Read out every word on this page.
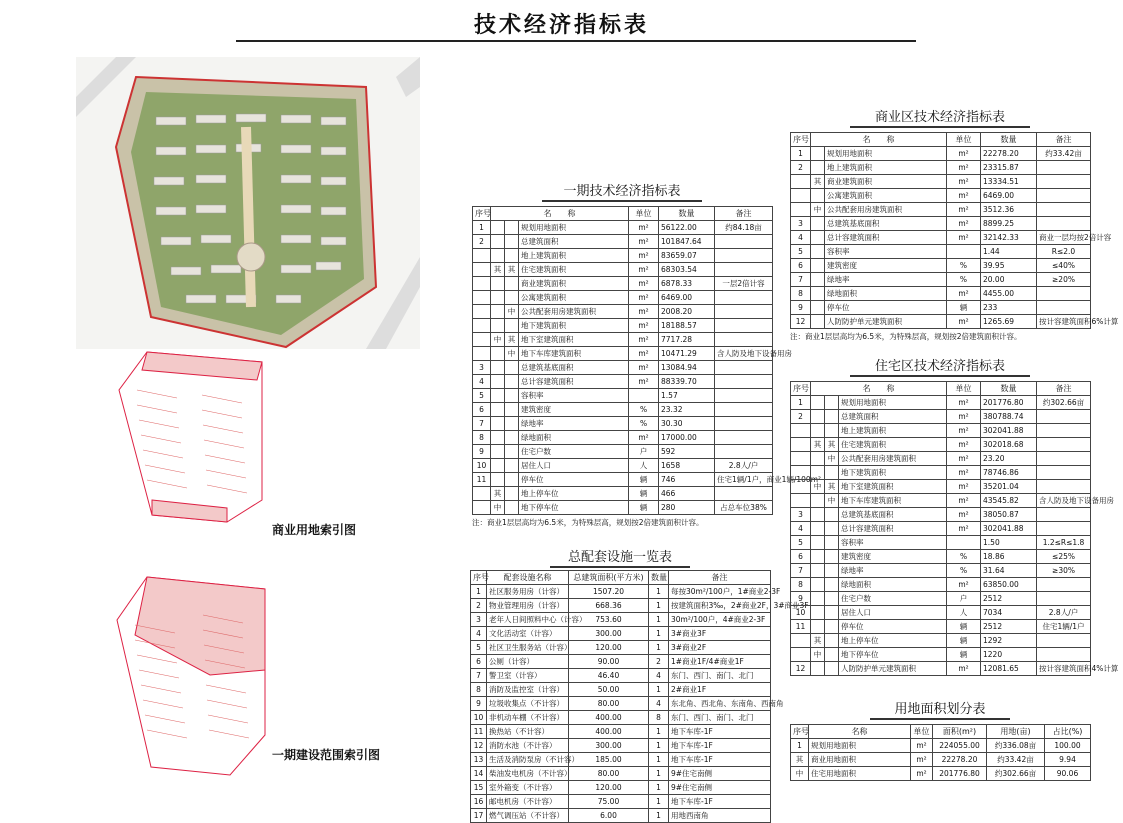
技术经济指标表
商业用地索引图
一期建设范围索引图
一期技术经济指标表
序号	名　　 称			单位	数量	备注
1			规划用地面积	m²	56122.00	约84.18亩
2			总建筑面积	m²	101847.64	
			地上建筑面积	m²	83659.07	
	其	其	住宅建筑面积	m²	68303.54	
			商业建筑面积	m²	6878.33	一层2倍计容
			公寓建筑面积	m²	6469.00	
		中	公共配套用房建筑面积	m²	2008.20	
			地下建筑面积	m²	18188.57	
	中	其	地下室建筑面积	m²	7717.28	
		中	地下车库建筑面积	m²	10471.29	含人防及地下设备用房
3			总建筑基底面积	m²	13084.94	
4			总计容建筑面积	m²	88339.70	
5			容积率		1.57	
6			建筑密度	%	23.32	
7			绿地率	%	30.30	
8			绿地面积	m²	17000.00	
9			住宅户数	户	592	
10			居住人口	人	1658	2.8人/户
11			停车位	辆	746	住宅1辆/1户，商业1辆/100m²
	其		地上停车位	辆	466	
	中		地下停车位	辆	280	占总车位38%
注：商业1层层高均为6.5米，为特殊层高，规划按2倍建筑面积计容。
总配套设施一览表
序号	配套设施名称	总建筑面积(平方米)	数量	备注
1	社区服务用房（计容）	1507.20	1	每按30m²/100户，1#商业2-3F
2	物业管理用房（计容）	668.36	1	按建筑面积3‰，2#商业2F，3#商业3F
3	老年人日间照料中心（计容）	753.60	1	30m²/100户，4#商业2-3F
4	文化活动室（计容）	300.00	1	3#商业3F
5	社区卫生服务站（计容）	120.00	1	3#商业2F
6	公厕（计容）	90.00	2	1#商业1F/4#商业1F
7	警卫室（计容）	46.40	4	东门、西门、南门、北门
8	消防及监控室（计容）	50.00	1	2#商业1F
9	垃圾收集点（不计容）	80.00	4	东北角、西北角、东南角、西南角
10	非机动车棚（不计容）	400.00	8	东门、西门、南门、北门
11	换热站（不计容）	400.00	1	地下车库-1F
12	消防水池（不计容）	300.00	1	地下车库-1F
13	生活及消防泵房（不计容）	185.00	1	地下车库-1F
14	柴油发电机房（不计容）	80.00	1	9#住宅南侧
15	室外箱变（不计容）	120.00	1	9#住宅南侧
16	邮电机房（不计容）	75.00	1	地下车库-1F
17	燃气调压站（不计容）	6.00	1	用地西南角
商业区技术经济指标表
序号	名　　 称		单位	数量	备注
1		规划用地面积	m²	22278.20	约33.42亩
2		地上建筑面积	m²	23315.87	
	其	商业建筑面积	m²	13334.51	
		公寓建筑面积	m²	6469.00	
	中	公共配套用房建筑面积	m²	3512.36	
3		总建筑基底面积	m²	8899.25	
4		总计容建筑面积	m²	32142.33	商业一层均按2倍计容
5		容积率		1.44	R≤2.0
6		建筑密度	%	39.95	≤40%
7		绿地率	%	20.00	≥20%
8		绿地面积	m²	4455.00	
9		停车位	辆	233	
12		人防防护单元建筑面积	m²	1265.69	按计容建筑面积6%计算
注：商业1层层高均为6.5米，为特殊层高，规划按2倍建筑面积计容。
住宅区技术经济指标表
序号	名　　 称			单位	数量	备注
1			规划用地面积	m²	201776.80	约302.66亩
2			总建筑面积	m²	380788.74	
			地上建筑面积	m²	302041.88	
	其	其	住宅建筑面积	m²	302018.68	
		中	公共配套用房建筑面积	m²	23.20	
			地下建筑面积	m²	78746.86	
	中	其	地下室建筑面积	m²	35201.04	
		中	地下车库建筑面积	m²	43545.82	含人防及地下设备用房
3			总建筑基底面积	m²	38050.87	
4			总计容建筑面积	m²	302041.88	
5			容积率		1.50	1.2≤R≤1.8
6			建筑密度	%	18.86	≤25%
7			绿地率	%	31.64	≥30%
8			绿地面积	m²	63850.00	
9			住宅户数	户	2512	
10			居住人口	人	7034	2.8人/户
11			停车位	辆	2512	住宅1辆/1户
	其		地上停车位	辆	1292	
	中		地下停车位	辆	1220	
12			人防防护单元建筑面积	m²	12081.65	按计容建筑面积4%计算
用地面积划分表
序号	名称	单位	面积(m²)	用地(亩)	占比(%)
1	规划用地面积	m²	224055.00	约336.08亩	100.00
其	商业用地面积	m²	22278.20	约33.42亩	9.94
中	住宅用地面积	m²	201776.80	约302.66亩	90.06
